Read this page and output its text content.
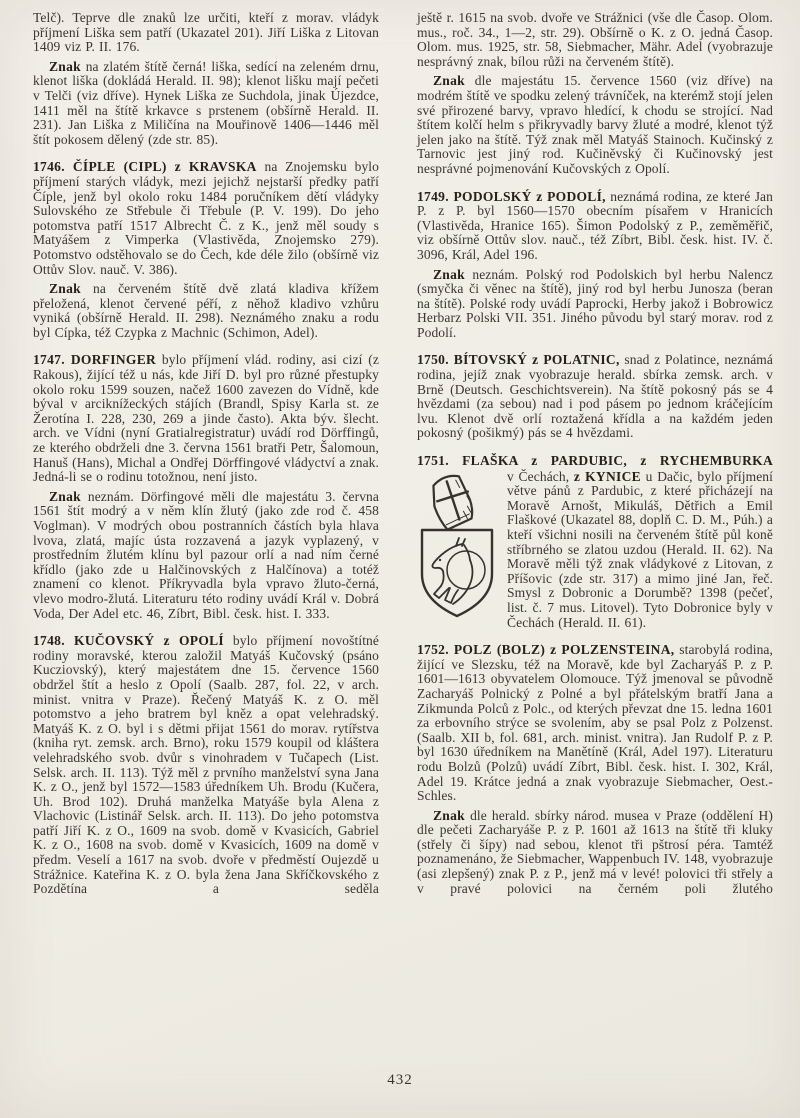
Telč). Teprve dle znaků lze určiti, kteří z morav. vládyk příjmení Liška sem patří (Ukazatel 201). Jiří Liška z Litovan 1409 viz P. II. 176.

Znak na zlatém štítě černá! liška, sedící na zeleném drnu, klenot liška (dokládá Herald. II. 98); klenot lišku mají pečeti v Telči (viz dříve). Hynek Liška ze Suchdola, jinak Újezdce, 1411 měl na štítě krkavce s prstenem (obšírně Herald. II. 231). Jan Liška z Miličína na Mouřinově 1406—1446 měl štít pokosem dělený (zde str. 85).

1746. ČÍPLE (CIPL) z KRAVSKA na Znojemsku bylo příjmení starých vládyk, mezi jejichž nejstarší předky patří Číple, jenž byl okolo roku 1484 poručníkem dětí vládyky Sulovského ze Střebule či Třebule (P. V. 199). Do jeho potomstva patří 1517 Albrecht Č. z K., jenž měl soudy s Matyášem z Vimperka (Vlastivěda, Znojemsko 279). Potomstvo odstěhovalo se do Čech, kde déle žilo (obšírně viz Ottův Slov. nauč. V. 386).

Znak na červeném štítě dvě zlatá kladiva křížem přeložená, klenot červené péří, z něhož kladivo vzhůru vyniká (obšírně Herald. II. 298). Neznámého znaku a rodu byl Cípka, též Czypka z Machnic (Schimon, Adel).

1747. DORFINGER bylo příjmení vlád. rodiny, asi cizí (z Rakous), žijící též u nás, kde Jiří D. byl pro různé přestupky okolo roku 1599 souzen, načež 1600 zavezen do Vídně, kde býval v arciknížeckých stájích (Brandl, Spisy Karla st. ze Žerotína I. 228, 230, 269 a jinde často). Akta býv. šlecht. arch. ve Vídni (nyní Gratialregistratur) uvádí rod Dörffingů, ze kterého obdrželi dne 3. června 1561 bratři Petr, Šalomoun, Hanuš (Hans), Michal a Ondřej Dörffingové vládyctví a znak. Jedná-li se o rodinu totožnou, není jisto.

Znak neznám. Dörfingové měli dle majestátu 3. června 1561 štít modrý a v něm klín žlutý (jako zde rod č. 458 Voglman). V modrých obou postranních částích byla hlava lvova, zlatá, majíc ústa rozzavená a jazyk vyplazený, v prostředním žlutém klínu byl pazour orlí a nad ním černé křídlo (jako zde u Halčinovských z Halčínova) a totéž znamení co klenot. Příkryvadla byla vpravo žluto-černá, vlevo modro-žlutá. Literaturu této rodiny uvádí Král v. Dobrá Voda, Der Adel etc. 46, Zíbrt, Bibl. česk. hist. I. 333.

1748. KUČOVSKÝ z OPOLÍ bylo příjmení novoštítné rodiny moravské, kterou založil Matyáš Kučovský (psáno Kucziovský), který majestátem dne 15. července 1560 obdržel štít a heslo z Opolí (Saalb. 287, fol. 22, v arch. minist. vnitra v Praze). Řečený Matyáš K. z O. měl potomstvo a jeho bratrem byl kněz a opat velehradský. Matyáš K. z O. byl i s dětmi přijat 1561 do morav. rytířstva (kniha ryt. zemsk. arch. Brno), roku 1579 koupil od kláštera velehradského svob. dvůr s vinohradem v Tučapech (List. Selsk. arch. II. 113). Týž měl z prvního manželství syna Jana K. z O., jenž byl 1572—1583 úředníkem Uh. Brodu (Kučera, Uh. Brod 102). Druhá manželka Matyáše byla Alena z Vlachovic (Listinář Selsk. arch. II. 113). Do jeho potomstva patří Jiří K. z O., 1609 na svob. domě v Kvasicích, Gabriel K. z O., 1608 na svob. domě v Kvasicích, 1609 na domě v předm. Veselí a 1617 na svob. dvoře v předměstí Oujezdě u Strážnice. Kateřina K. z O. byla žena Jana Skříčkovského z Pozdětína a seděla

ještě r. 1615 na svob. dvoře ve Strážnici (vše dle Časop. Olom. mus., roč. 34., 1—2, str. 29). Obšírně o K. z O. jedná Časop. Olom. mus. 1925, str. 58, Siebmacher, Mähr. Adel (vyobrazuje nesprávný znak, bílou růži na červeném štítě).

Znak dle majestátu 15. července 1560 (viz dříve) na modrém štítě ve spodku zelený trávníček, na kterémž stojí jelen své přirozené barvy, vpravo hledící, k chodu se strojící. Nad štítem kolčí helm s přikryvadly barvy žluté a modré, klenot týž jelen jako na štítě. Týž znak měl Matyáš Stainoch. Kučinský z Tarnovic jest jiný rod. Kučiněvský či Kučinovský jest nesprávné pojmenování Kučovských z Opolí.

1749. PODOLSKÝ z PODOLÍ, neznámá rodina, ze které Jan P. z P. byl 1560—1570 obecním písařem v Hranicích (Vlastivěda, Hranice 165). Šimon Podolský z P., zeměměřič, viz obšírně Ottův slov. nauč., též Zíbrt, Bibl. česk. hist. IV. č. 3096, Král, Adel 196.

Znak neznám. Polský rod Podolskich byl herbu Nalencz (smyčka či věnec na štítě), jiný rod byl herbu Junosza (beran na štítě). Polské rody uvádí Paprocki, Herby jakož i Bobrowicz Herbarz Polski VII. 351. Jiného původu byl starý morav. rod z Podolí.

1750. BÍTOVSKÝ z POLATNIC, snad z Polatince, neznámá rodina, jejíž znak vyobrazuje herald. sbírka zemsk. arch. v Brně (Deutsch. Geschichtsverein). Na štítě pokosný pás se 4 hvězdami (za sebou) nad i pod pásem po jednom kráčejícím lvu. Klenot dvě orlí roztažená křídla a na každém jeden pokosný (pošikmý) pás se 4 hvězdami.

1751. FLAŠKA z PARDUBIC, z RYCHEMBURKA

v Čechách, z KYNICE u Dačic, bylo příjmení větve pánů z Pardubic, z které přicházejí na Moravě Arnošt, Mikuláš, Dětřich a Emil Flaškové (Ukazatel 88, doplň C. D. M., Púh.) a kteří všichni nosili na červeném štítě půl koně stříbrného se zlatou uzdou (Herald. II. 62). Na Moravě měli týž znak vládykové z Litovan, z Příšovic (zde str. 317) a mimo jiné Jan, řeč. Smysl z Dobronic a Dorumbě? 1398 (pečeť, list. č. 7 mus. Litovel). Tyto Dobronice byly v Čechách (Herald. II. 61).

1752. POLZ (BOLZ) z POLZENSTEINA, starobylá rodina, žijící ve Slezsku, též na Moravě, kde byl Zacharyáš P. z P. 1601—1613 obyvatelem Olomouce. Týž jmenoval se původně Zacharyáš Polnický z Polné a byl přátelským bratří Jana a Zikmunda Polců z Polc., od kterých převzat dne 15. ledna 1601 za erbovního strýce se svolením, aby se psal Polz z Polzenst. (Saalb. XII b, fol. 681, arch. minist. vnitra). Jan Rudolf P. z P. byl 1630 úředníkem na Manětíně (Král, Adel 197). Literaturu rodu Bolzů (Polzů) uvádí Zíbrt, Bibl. česk. hist. I. 302, Král, Adel 19. Krátce jedná a znak vyobrazuje Siebmacher, Oest.-Schles.

Znak dle herald. sbírky národ. musea v Praze (oddělení H) dle pečeti Zacharyáše P. z P. 1601 až 1613 na štítě tři kluky (střely či šípy) nad sebou, klenot tři pštrosí péra. Tamtéž poznamenáno, že Siebmacher, Wappenbuch IV. 148, vyobrazuje (asi zlepšený) znak P. z P., jenž má v levé! polovici tři střely a v pravé polovici na černém poli žlutého

432
